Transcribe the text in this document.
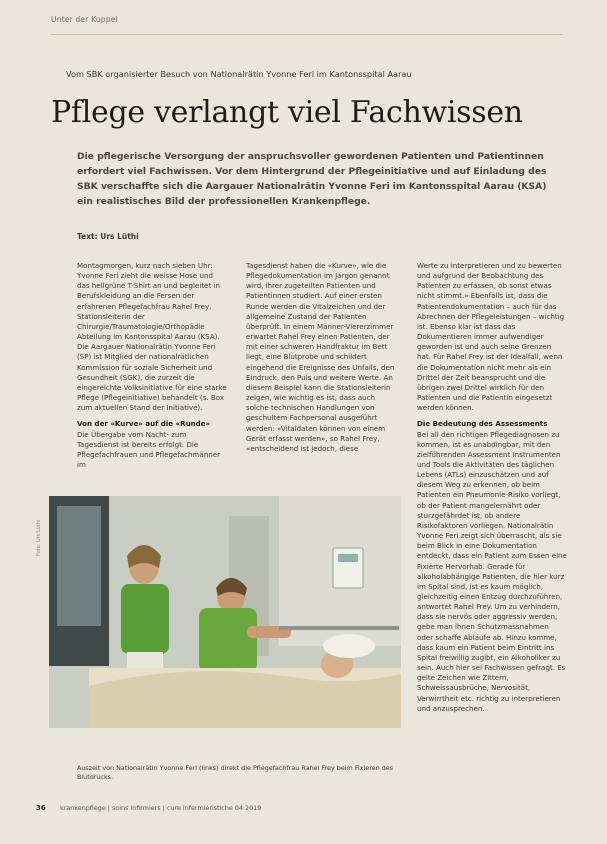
Unter der Kuppel
Vom SBK organisierter Besuch von Nationalrätin Yvonne Feri im Kantonsspital Aarau
Pflege verlangt viel Fachwissen
Die pflegerische Versorgung der anspruchsvoller gewordenen Patienten und Patientinnen
erfordert viel Fachwissen. Vor dem Hintergrund der Pflegeinitiative und auf Einladung des
SBK verschaffte sich die Aargauer Nationalrätin Yvonne Feri im Kantonsspital Aarau (KSA)
ein realistisches Bild der professionellen Krankenpflege.
Text: Urs Lüthi

Montagmorgen, kurz nach sieben Uhr: Yvonne Feri zieht die weisse Hose und das hellgrüne T-Shirt an und begleitet in Berufskleidung an die Fersen der erfahrenen Pflegefachfrau Rahel Frey, Stationsleiterin der Chirurgie/Traumatologie/Orthopädie Abteilung im Kantonsspital Aarau (KSA). Die Aargauer Nationalrätin Yvonne Feri (SP) ist Mitglied der nationalrätlichen Kommission für soziale Sicherheit und Gesundheit (SGK), die zurzeit die eingereichte Volksinitiative für eine starke Pflege (Pflegeinitiative) behandelt (s. Box zum aktuellen Stand der Initiative).

Von der «Kurve» auf die «Runde»

Die Übergabe vom Nacht- zum Tagesdienst ist bereits erfolgt. Die Pflegefachfrauen und Pflegefachmänner im

Tagesdienst haben die «Kurve», wie die Pflegedokumentation im Jargon genannt wird, ihrer zugeteilten Patienten und Patientinnen studiert. Auf einer ersten Runde werden die Vitalzeichen und der allgemeine Zustand der Patienten überprüft. In einem Männer-Viererzimmer erwartet Rahel Frey einen Patienten, der mit einer schweren Handfraktur im Bett liegt, eine Blutprobe und schildert eingehend die Ereignisse des Unfalls, den Eindruck, den Puls und weitere Werte. An diesem Beispiel kann die Stationsleiterin zeigen, wie wichtig es ist, dass auch solche technischen Handlungen von geschultem Fachpersonal ausgeführt werden: «Vitaldaten können von einem Gerät erfasst werden», so Rahel Frey, «entscheidend ist jedoch, diese

Werte zu interpretieren und zu bewerten und aufgrund der Beobachtung des Patienten zu erfassen, ob sonst etwas nicht stimmt.» Ebenfalls ist, dass die Patientendokumentation – auch für das Abrechnen der Pflegeleistungen – wichtig ist. Ebenso klar ist dass das Dokumentieren immer aufwendiger geworden ist und auch seine Grenzen hat. Für Rahel Frey ist der Idealfall, wenn die Dokumentation nicht mehr als ein Drittel der Zeit beansprucht und die übrigen zwei Drittel wirklich für den Patienten und die Patientin eingesetzt werden können.

Die Bedeutung des Assessments

Bei all den richtigen Pflegediagnosen zu kommen, ist es unabdingbar, mit den zielführenden Assessment Instrumenten und Tools die Aktivitäten des täglichen Lebens (ATLs) einzuschätzen und auf diesem Weg zu erkennen, ob beim Patienten ein Pneumonie-Risiko vorliegt, ob der Patient mangelernährt oder sturzgefährdet ist, ob andere Risikofaktoren vorliegen. Nationalrätin Yvonne Feri zeigt sich überrascht, als sie beim Blick in eine Dokumentation entdeckt, dass ein Patient zum Essen eine Fixierte Hervorhab. Gerade für alkoholabhängige Patienten, die hier kurz im Spital sind, ist es kaum möglich, gleichzeitig einen Entzug durchzuführen, antwortet Rahel Frey. Um zu verhindern, dass sie nervös oder aggressiv werden, gebe man ihnen Schutzmassnahmen oder schaffe Abläufe ab. Hinzu komme, dass kaum ein Patient beim Eintritt ins Spital freiwillig zugibt, ein Alkoholiker zu sein. Auch hier sei Fachwissen gefragt. Es gelte Zeichen wie Zittern, Schweissausbrüche, Nervosität, Verwirrtheit etc. richtig zu interpretieren und anzusprechen.

Foto: Urs Lüthi
Auszeit von Nationalrätin Yvonne Feri (links) direkt die Pflegefachfrau Rahel Frey beim Fixieren des Blutdrucks.
36 krankenpflege | soins infirmiers | cure infermieristiche 04 2019
